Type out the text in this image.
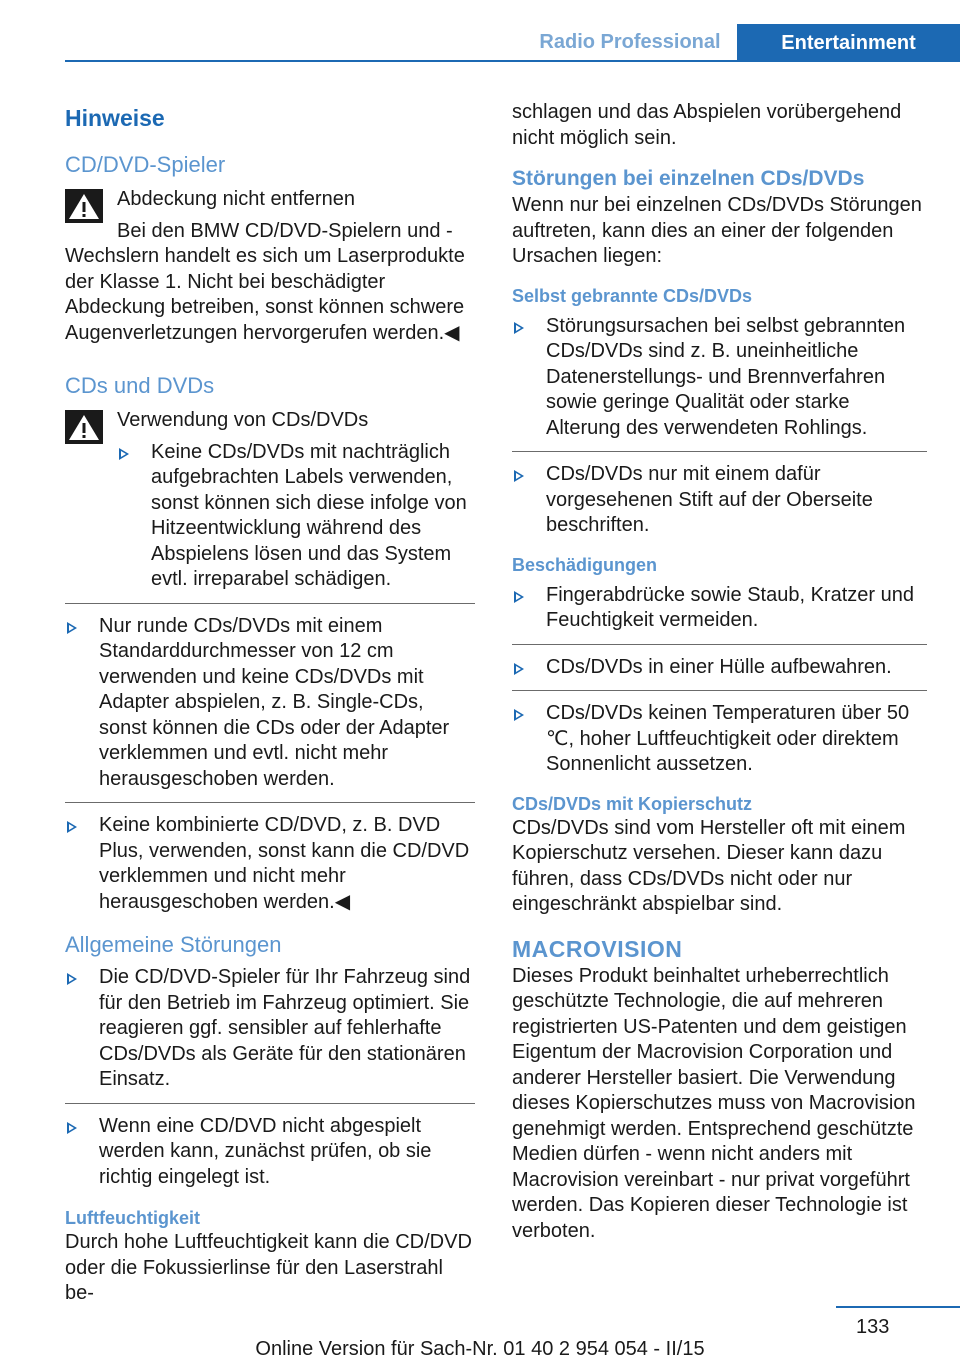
Radio Professional	Entertainment

Hinweise

CD/DVD-Spieler

Abdeckung nicht entfernen

Bei den BMW CD/DVD-Spielern und -Wechslern handelt es sich um Laserprodukte der Klasse 1. Nicht bei beschädigter Abdeckung betreiben, sonst können schwere Augenverletzungen hervorgerufen werden.◀

CDs und DVDs

Verwendung von CDs/DVDs

Keine CDs/DVDs mit nachträglich aufgebrachten Labels verwenden, sonst können sich diese infolge von Hitzeentwicklung während des Abspielens lösen und das System evtl. irreparabel schädigen.
Nur runde CDs/DVDs mit einem Standarddurchmesser von 12 cm verwenden und keine CDs/DVDs mit Adapter abspielen, z. B. Single-CDs, sonst können die CDs oder der Adapter verklemmen und evtl. nicht mehr herausgeschoben werden.
Keine kombinierte CD/DVD, z. B. DVD Plus, verwenden, sonst kann die CD/DVD verklemmen und nicht mehr herausgeschoben werden.◀

Allgemeine Störungen

Die CD/DVD-Spieler für Ihr Fahrzeug sind für den Betrieb im Fahrzeug optimiert. Sie reagieren ggf. sensibler auf fehlerhafte CDs/DVDs als Geräte für den stationären Einsatz.
Wenn eine CD/DVD nicht abgespielt werden kann, zunächst prüfen, ob sie richtig eingelegt ist.

Luftfeuchtigkeit

Durch hohe Luftfeuchtigkeit kann die CD/DVD oder die Fokussierlinse für den Laserstrahl be-

schlagen und das Abspielen vorübergehend nicht möglich sein.

Störungen bei einzelnen CDs/DVDs

Wenn nur bei einzelnen CDs/DVDs Störungen auftreten, kann dies an einer der folgenden Ursachen liegen:

Selbst gebrannte CDs/DVDs

Störungsursachen bei selbst gebrannten CDs/DVDs sind z. B. uneinheitliche Datenerstellungs- und Brennverfahren sowie geringe Qualität oder starke Alterung des verwendeten Rohlings.
CDs/DVDs nur mit einem dafür vorgesehenen Stift auf der Oberseite beschriften.

Beschädigungen

Fingerabdrücke sowie Staub, Kratzer und Feuchtigkeit vermeiden.
CDs/DVDs in einer Hülle aufbewahren.
CDs/DVDs keinen Temperaturen über 50 ℃, hoher Luftfeuchtigkeit oder direktem Sonnenlicht aussetzen.

CDs/DVDs mit Kopierschutz

CDs/DVDs sind vom Hersteller oft mit einem Kopierschutz versehen. Dieser kann dazu führen, dass CDs/DVDs nicht oder nur eingeschränkt abspielbar sind.

MACROVISION

Dieses Produkt beinhaltet urheberrechtlich geschützte Technologie, die auf mehreren registrierten US-Patenten und dem geistigen Eigentum der Macrovision Corporation und anderer Hersteller basiert. Die Verwendung dieses Kopierschutzes muss von Macrovision genehmigt werden. Entsprechend geschützte Medien dürfen - wenn nicht anders mit Macrovision vereinbart - nur privat vorgeführt werden. Das Kopieren dieser Technologie ist verboten.

133
Online Version für Sach-Nr. 01 40 2 954 054 - II/15
